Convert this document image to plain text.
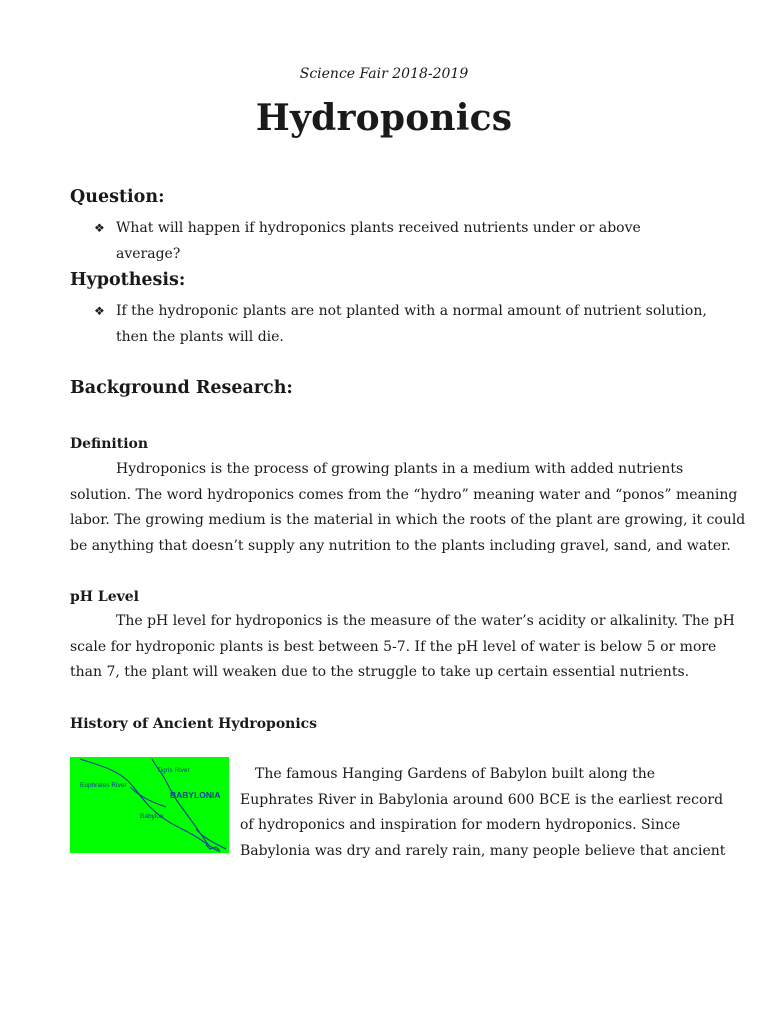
Science Fair 2018-2019
Hydroponics
Question:
❖ What will happen if hydroponics plants received nutrients under or above average?
Hypothesis:
❖ If the hydroponic plants are not planted with a normal amount of nutrient solution,
then the plants will die.
Background Research:
Definition

Hydroponics is the process of growing plants in a medium with added nutrients
solution. The word hydroponics comes from the “hydro” meaning water and “ponos” meaning
labor. The growing medium is the material in which the roots of the plant are growing, it could
be anything that doesn’t supply any nutrition to the plants including gravel, sand, and water.

pH Level

The pH level for hydroponics is the measure of the water’s acidity or alkalinity. The pH
scale for hydroponic plants is best between 5-7. If the pH level of water is below 5 or more
than 7, the plant will weaken due to the struggle to take up certain essential nutrients.

History of Ancient Hydroponics
Tigris River
Euphrates River
BABYLONIA
Babylon
The famous Hanging Gardens of Babylon built along the
Euphrates River in Babylonia around 600 BCE is the earliest record
of hydroponics and inspiration for modern hydroponics. Since
Babylonia was dry and rarely rain, many people believe that ancient
